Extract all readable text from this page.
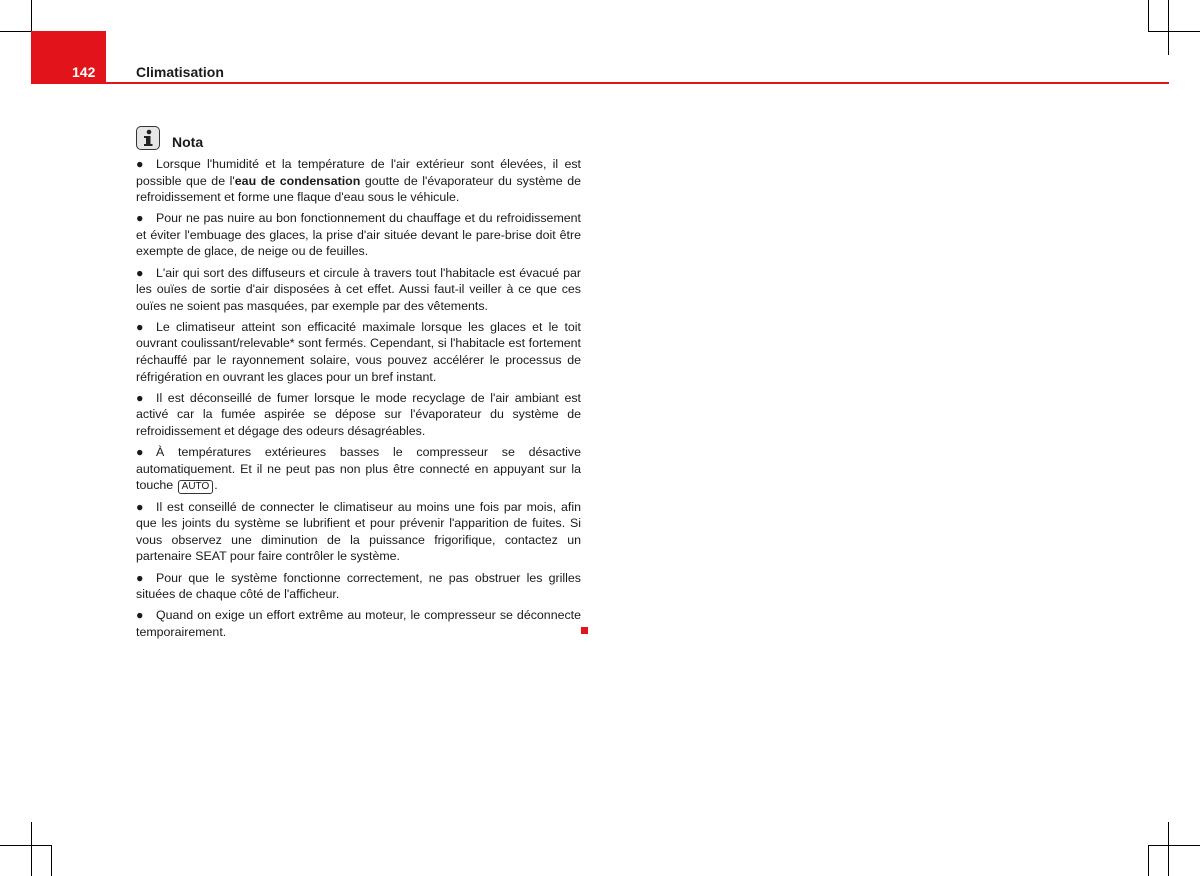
142	Climatisation
Nota

● Lorsque l'humidité et la température de l'air extérieur sont élevées, il est possible que de l'eau de condensation goutte de l'évaporateur du système de refroidissement et forme une flaque d'eau sous le véhicule.

● Pour ne pas nuire au bon fonctionnement du chauffage et du refroidissement et éviter l'embuage des glaces, la prise d'air située devant le pare-brise doit être exempte de glace, de neige ou de feuilles.

● L'air qui sort des diffuseurs et circule à travers tout l'habitacle est évacué par les ouïes de sortie d'air disposées à cet effet. Aussi faut-il veiller à ce que ces ouïes ne soient pas masquées, par exemple par des vêtements.

● Le climatiseur atteint son efficacité maximale lorsque les glaces et le toit ouvrant coulissant/relevable* sont fermés. Cependant, si l'habitacle est fortement réchauffé par le rayonnement solaire, vous pouvez accélérer le processus de réfrigération en ouvrant les glaces pour un bref instant.

● Il est déconseillé de fumer lorsque le mode recyclage de l'air ambiant est activé car la fumée aspirée se dépose sur l'évaporateur du système de refroidissement et dégage des odeurs désagréables.

● À températures extérieures basses le compresseur se désactive automatiquement. Et il ne peut pas non plus être connecté en appuyant sur la touche AUTO .

● Il est conseillé de connecter le climatiseur au moins une fois par mois, afin que les joints du système se lubrifient et pour prévenir l'apparition de fuites. Si vous observez une diminution de la puissance frigorifique, contactez un partenaire SEAT pour faire contrôler le système.

● Pour que le système fonctionne correctement, ne pas obstruer les grilles situées de chaque côté de l'afficheur.

● Quand on exige un effort extrême au moteur, le compresseur se déconnecte temporairement.
